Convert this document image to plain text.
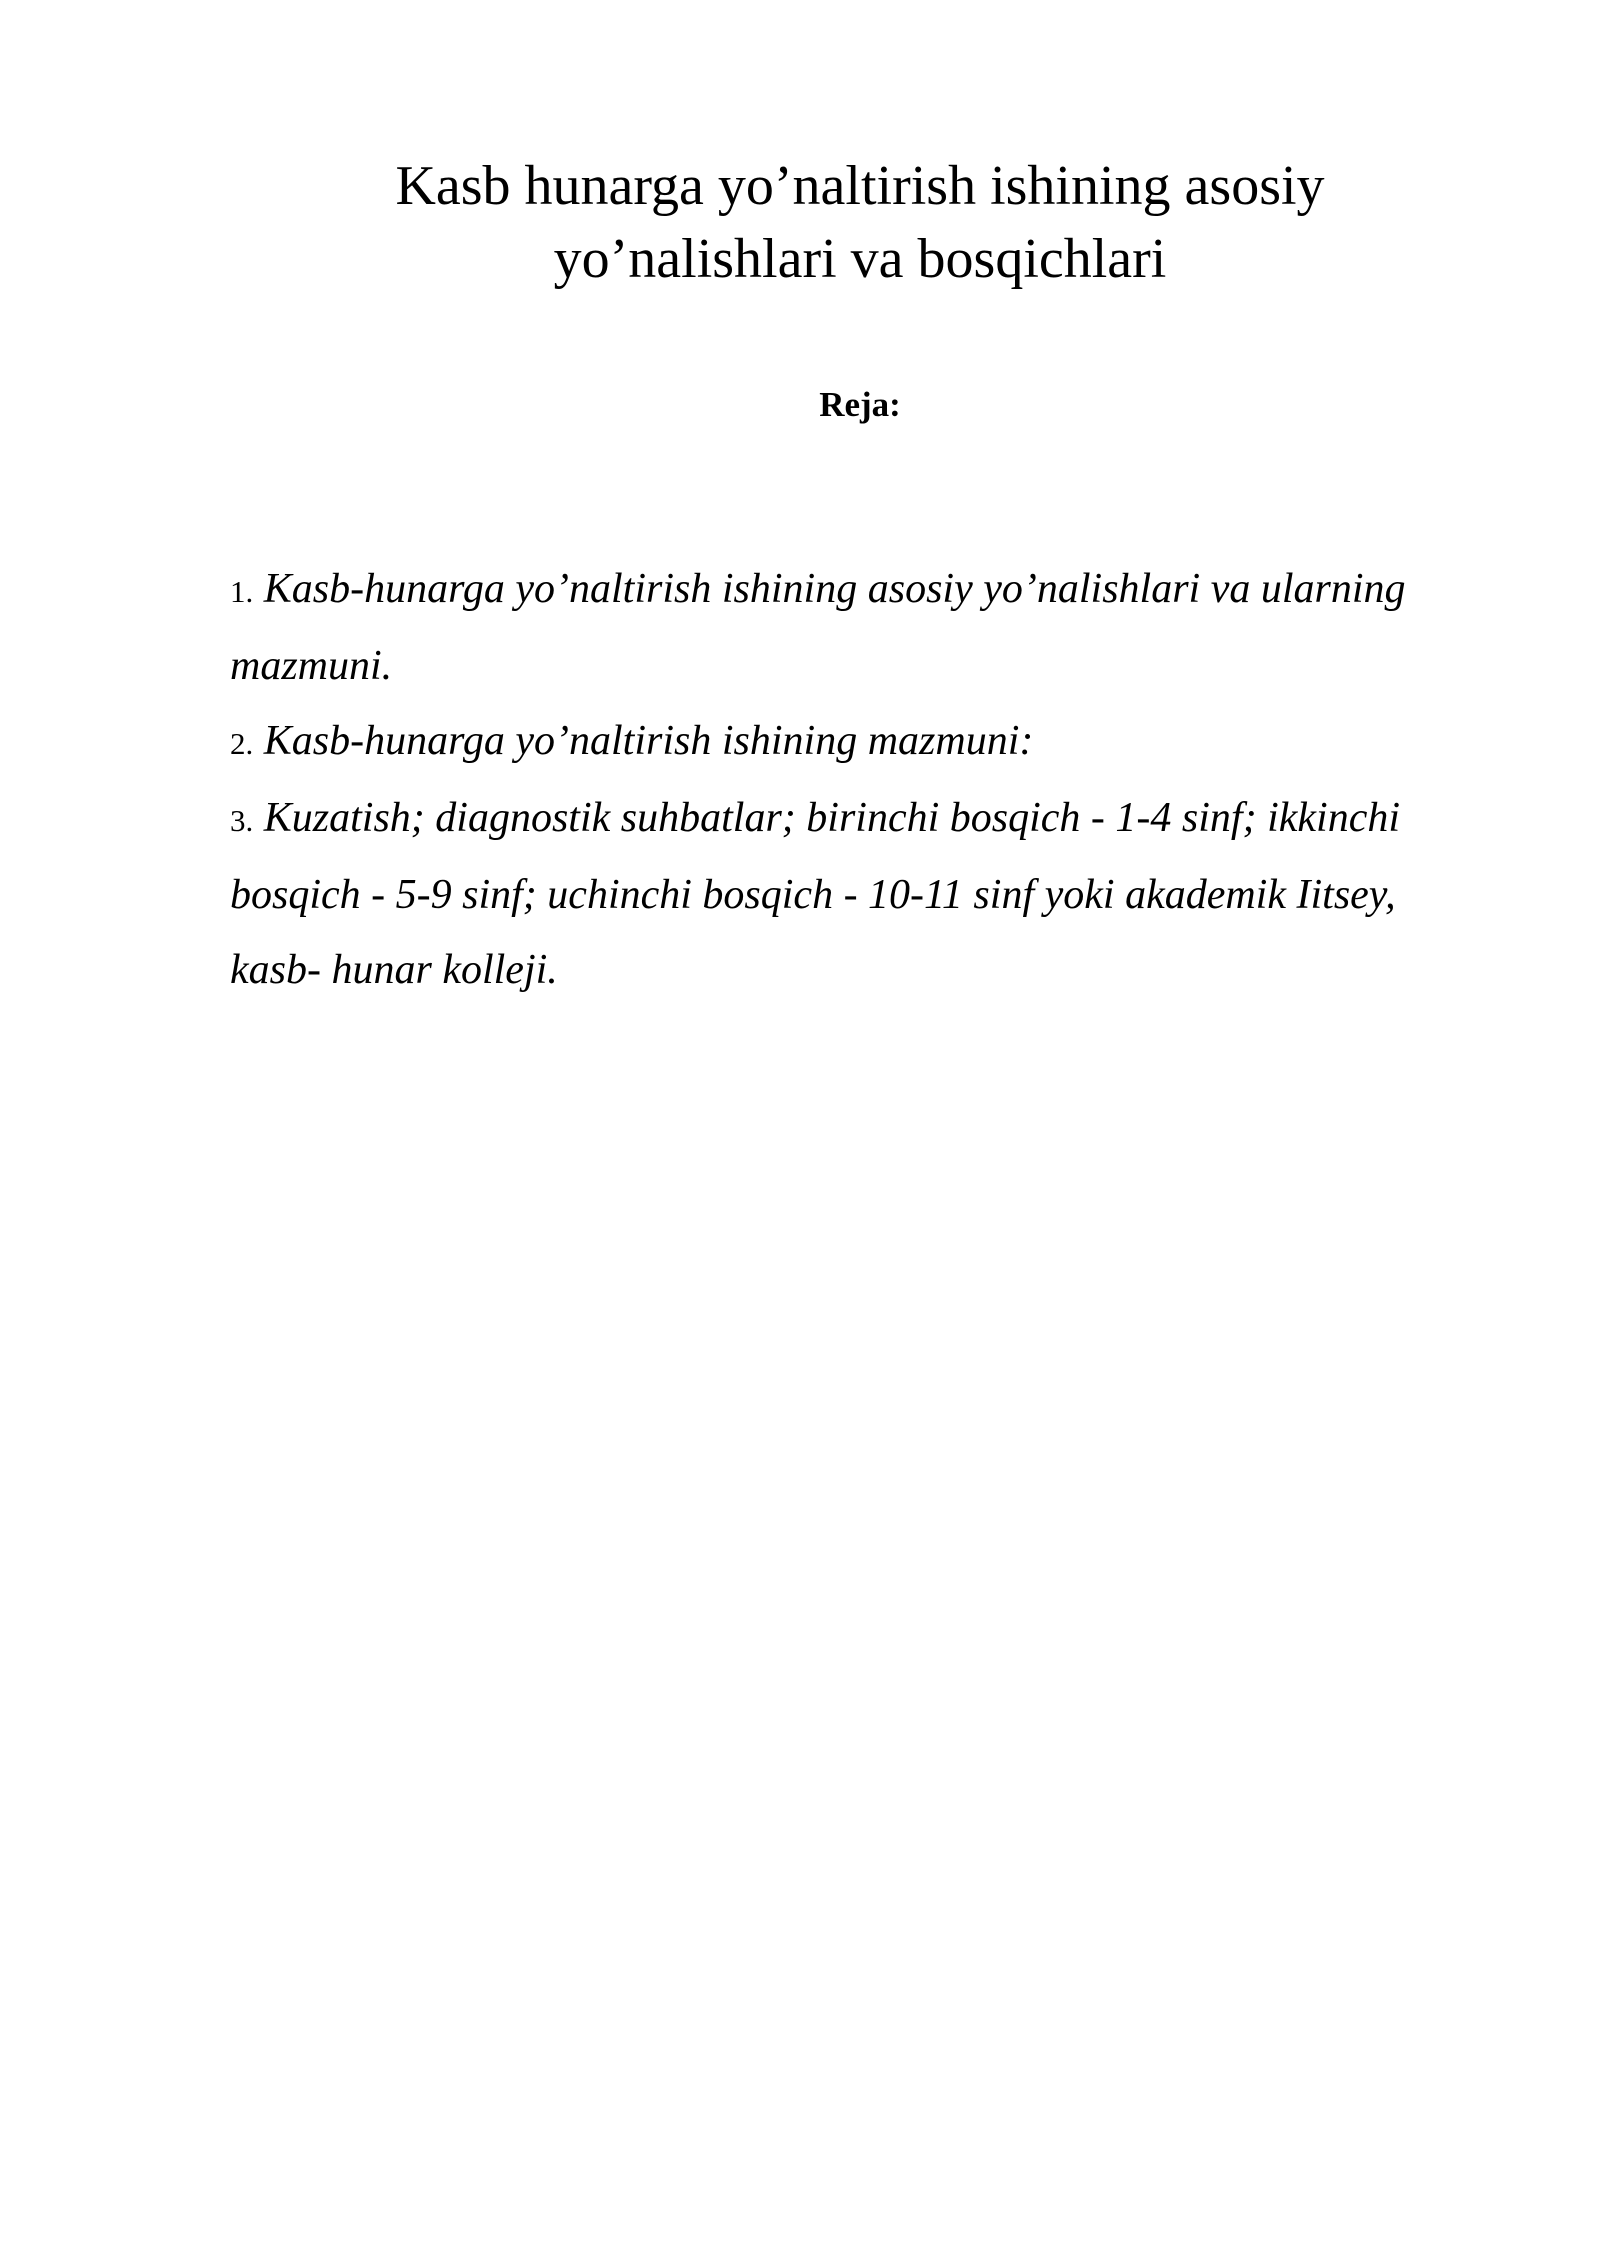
Kasb hunarga yo’naltirish ishining asosiy
yo’nalishlari va bosqichlari
Reja:
1. Kasb-hunarga yo’naltirish ishining asosiy yo’nalishlari va ularning mazmuni.
2. Kasb-hunarga yo’naltirish ishining mazmuni:
3. Kuzatish; diagnostik suhbatlar; birinchi bosqich - 1-4 sinf; ikkinchi bosqich - 5-9 sinf; uchinchi bosqich - 10-11 sinf yoki akademik Iitsey, kasb- hunar kolleji.
